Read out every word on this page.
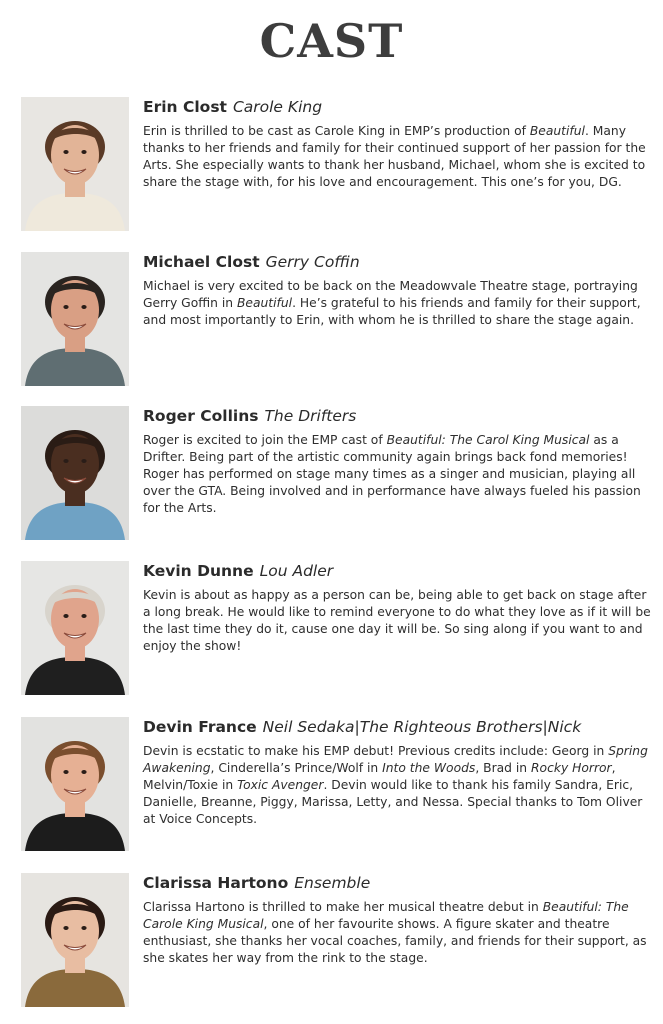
CAST

Erin Clost Carole King

Erin is thrilled to be cast as Carole King in EMP’s production of Beautiful. Many thanks to her friends and family for their continued support of her passion for the Arts. She especially wants to thank her husband, Michael, whom she is excited to share the stage with, for his love and encouragement. This one’s for you, DG.

Michael Clost Gerry Coffin

Michael is very excited to be back on the Meadowvale Theatre stage, portraying Gerry Goffin in Beautiful. He’s grateful to his friends and family for their support, and most importantly to Erin, with whom he is thrilled to share the stage again.

Roger Collins The Drifters

Roger is excited to join the EMP cast of Beautiful: The Carol King Musical as a Drifter. Being part of the artistic community again brings back fond memories! Roger has performed on stage many times as a singer and musician, playing all over the GTA. Being involved and in performance have always fueled his passion for the Arts.

Kevin Dunne Lou Adler

Kevin is about as happy as a person can be, being able to get back on stage after a long break. He would like to remind everyone to do what they love as if it will be the last time they do it, cause one day it will be. So sing along if you want to and enjoy the show!

Devin France Neil Sedaka|The Righteous Brothers|Nick

Devin is ecstatic to make his EMP debut! Previous credits include: Georg in Spring Awakening, Cinderella’s Prince/Wolf in Into the Woods, Brad in Rocky Horror, Melvin/Toxie in Toxic Avenger. Devin would like to thank his family Sandra, Eric, Danielle, Breanne, Piggy, Marissa, Letty, and Nessa. Special thanks to Tom Oliver at Voice Concepts.

Clarissa Hartono Ensemble

Clarissa Hartono is thrilled to make her musical theatre debut in Beautiful: The Carole King Musical, one of her favourite shows. A figure skater and theatre enthusiast, she thanks her vocal coaches, family, and friends for their support, as she skates her way from the rink to the stage.
